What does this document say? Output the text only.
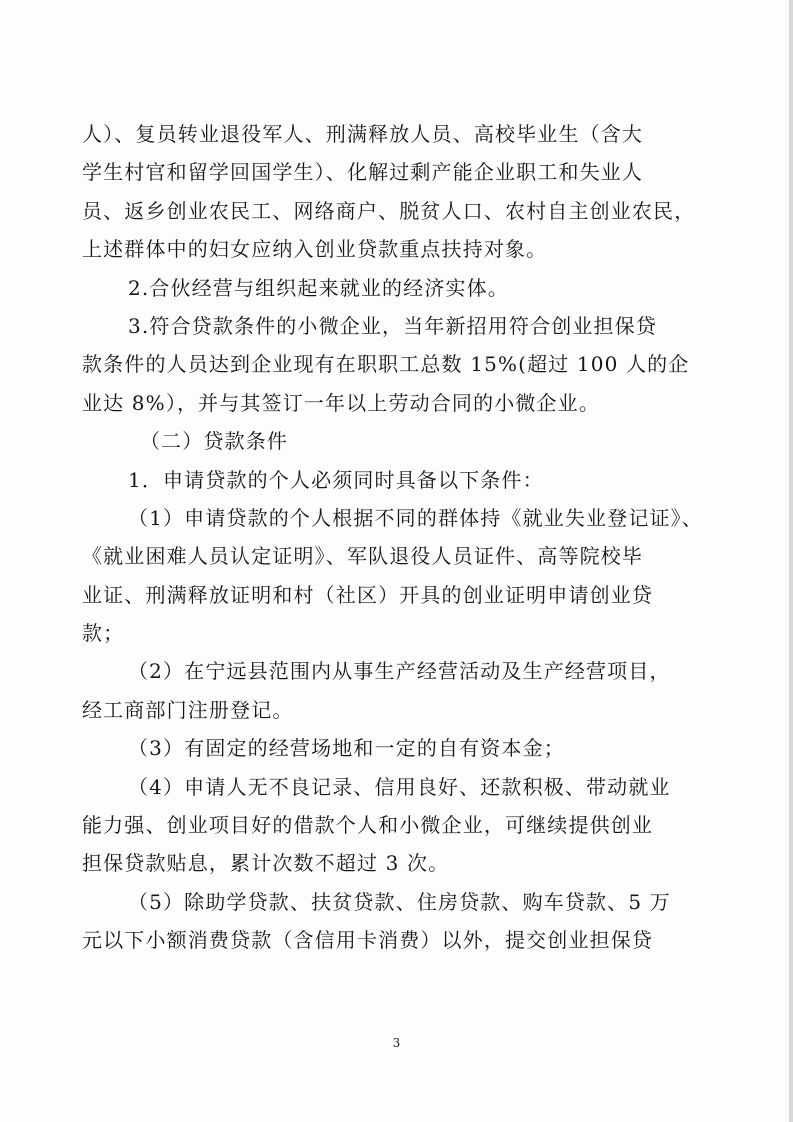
人）、复员转业退役军人、刑满释放人员、高校毕业生（含大
学生村官和留学回国学生）、化解过剩产能企业职工和失业人
员、返乡创业农民工、网络商户、脱贫人口、农村自主创业农民，
上述群体中的妇女应纳入创业贷款重点扶持对象。
2.合伙经营与组织起来就业的经济实体。
3.符合贷款条件的小微企业，当年新招用符合创业担保贷
款条件的人员达到企业现有在职职工总数 15%(超过 100 人的企
业达 8%），并与其签订一年以上劳动合同的小微企业。
（二）贷款条件
1．申请贷款的个人必须同时具备以下条件：
（1）申请贷款的个人根据不同的群体持《就业失业登记证》、
《就业困难人员认定证明》、军队退役人员证件、高等院校毕
业证、刑满释放证明和村（社区）开具的创业证明申请创业贷
款；
（2）在宁远县范围内从事生产经营活动及生产经营项目，
经工商部门注册登记。
（3）有固定的经营场地和一定的自有资本金；
（4）申请人无不良记录、信用良好、还款积极、带动就业
能力强、创业项目好的借款个人和小微企业，可继续提供创业
担保贷款贴息，累计次数不超过 3 次。
（5）除助学贷款、扶贫贷款、住房贷款、购车贷款、5 万
元以下小额消费贷款（含信用卡消费）以外，提交创业担保贷
3
